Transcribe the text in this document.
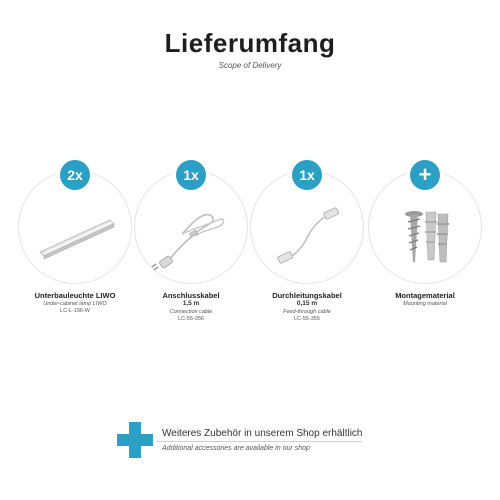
Lieferumfang
Scope of Delivery
2x
Unterbauleuchte LIWO
Under-cabinet lamp LIWO
LC-L-196-W
1x
Anschlusskabel
1,5 m
Connection cable
LC-55-356
1x
Durchleitungskabel
0,15 m
Feed-through cable
LC-55-355
+
Montagematerial
Mounting material
Weiteres Zubehör in unserem Shop erhältlich
Additional accessories are available in our shop
